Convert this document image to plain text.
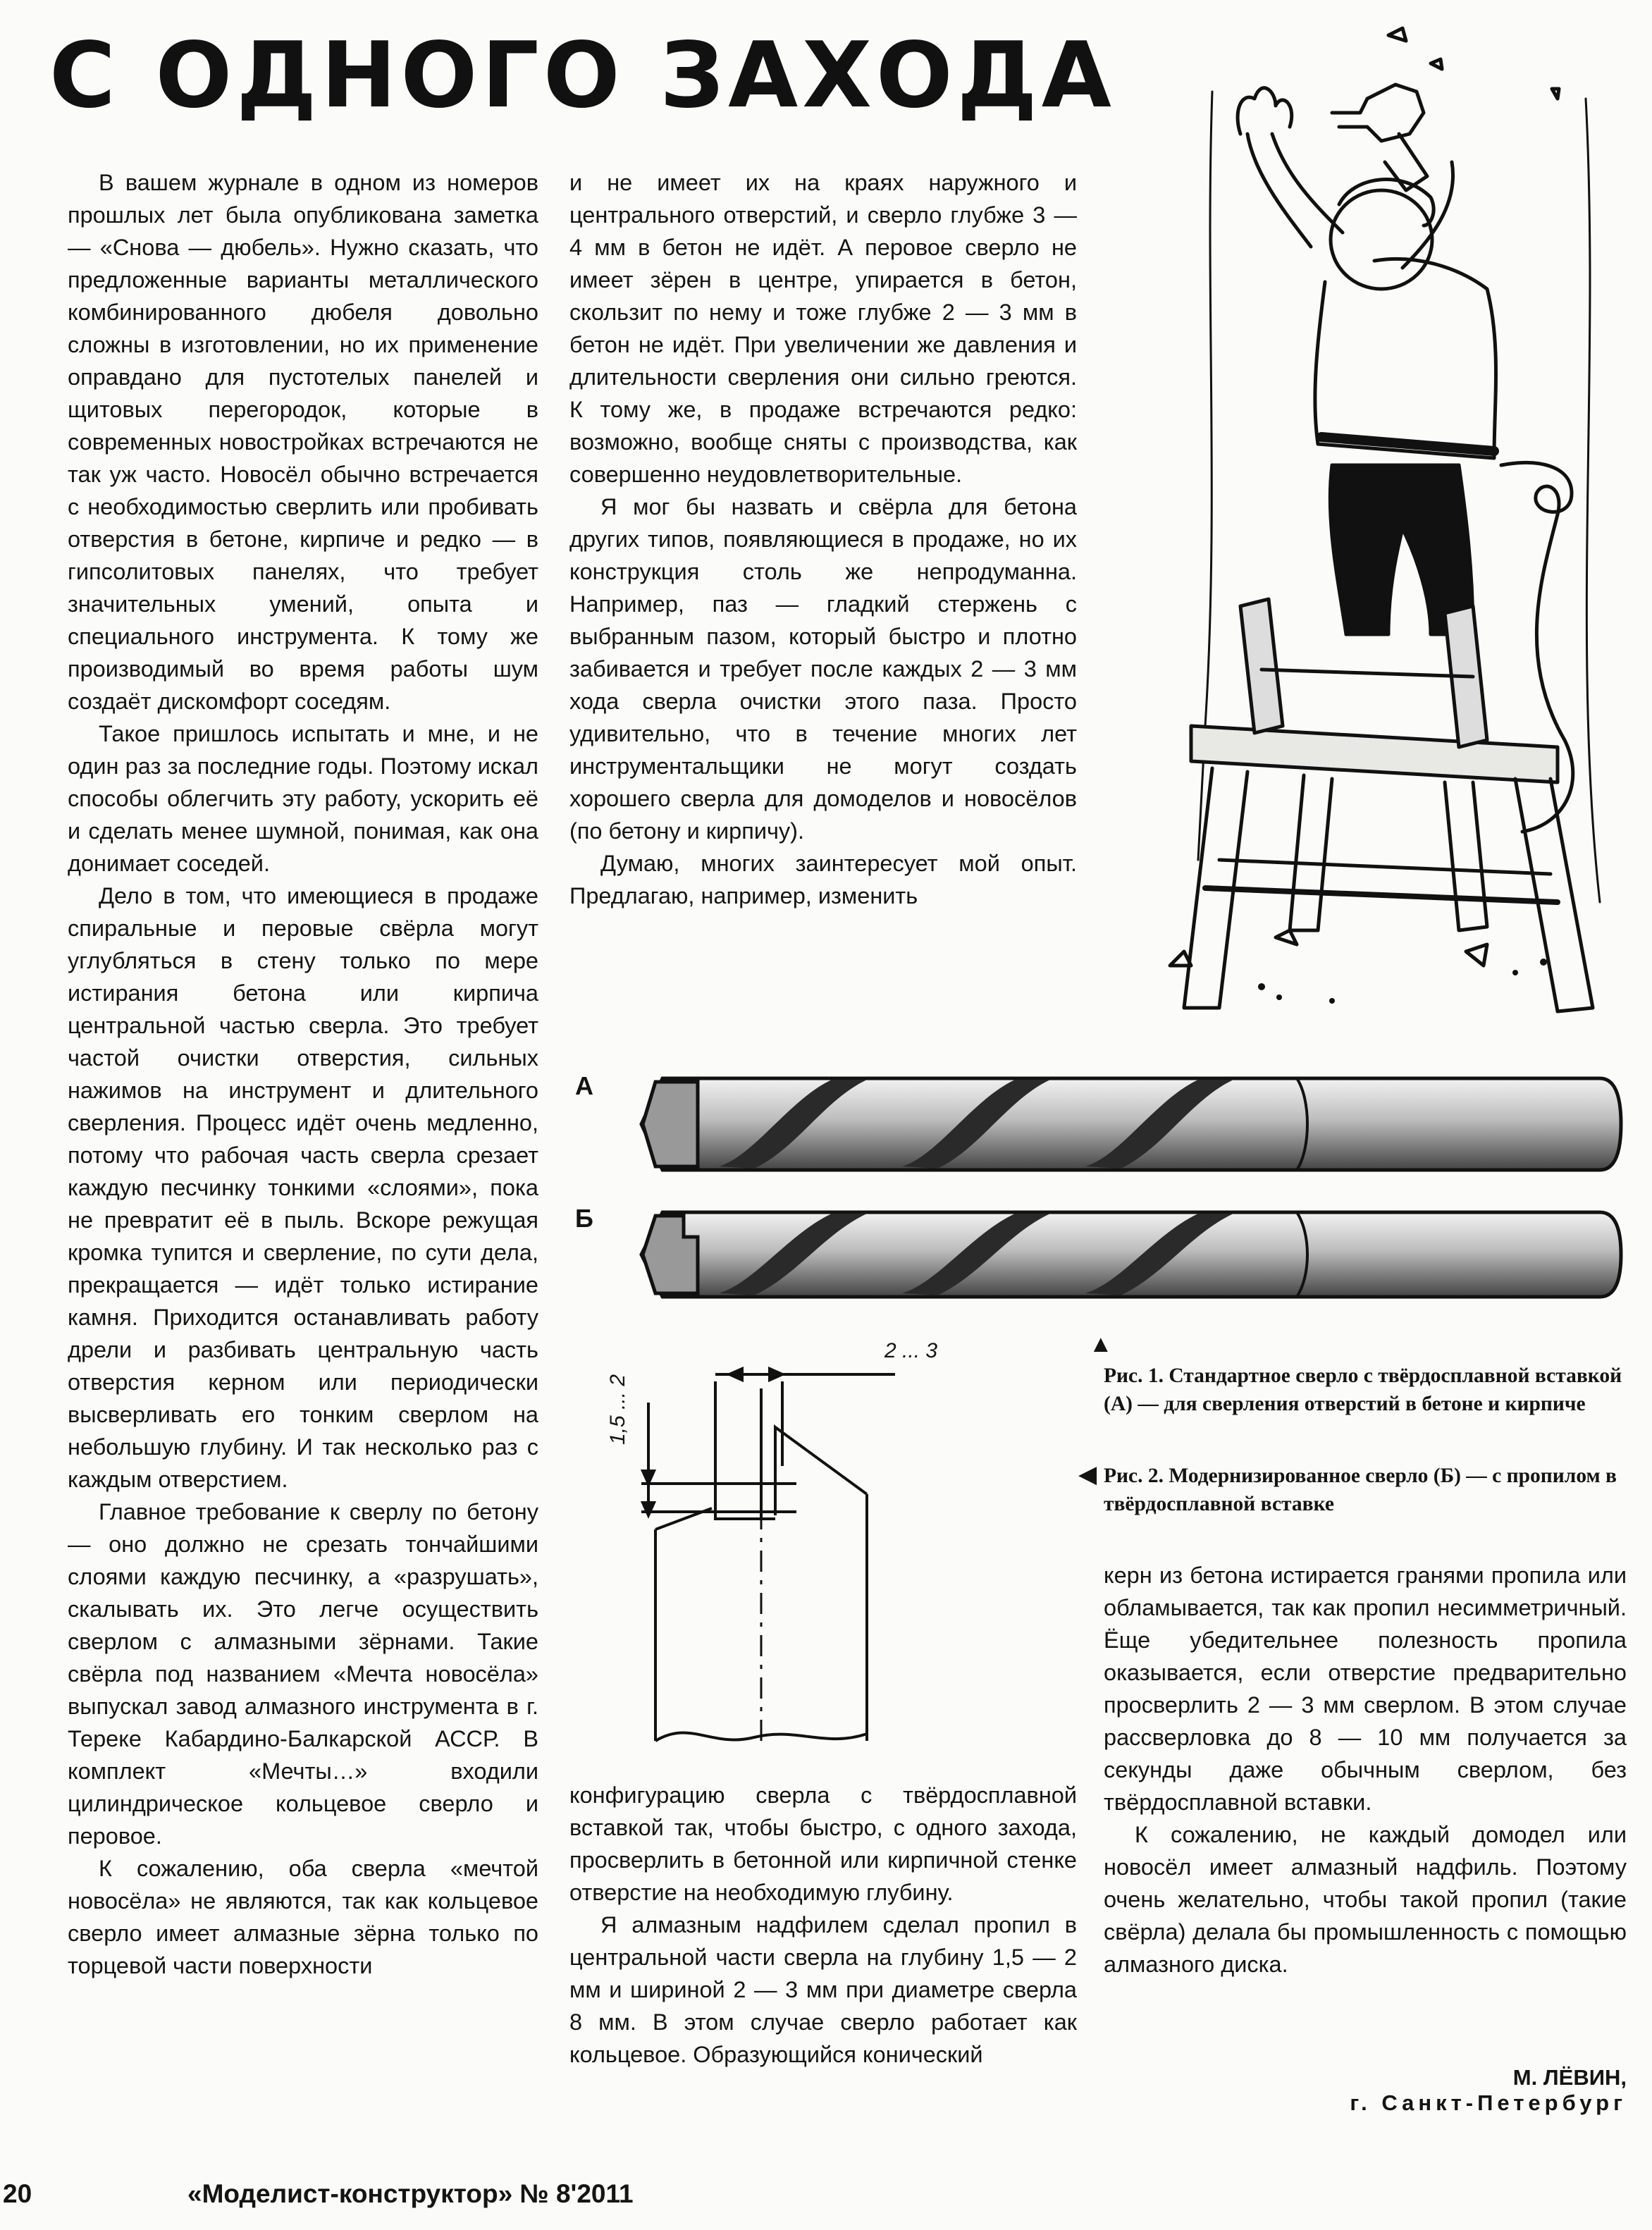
С ОДНОГО ЗАХОДА

В вашем журнале в одном из номеров прошлых лет была опубликована заметка — «Снова — дюбель». Нужно сказать, что предложенные варианты металлического комбинированного дюбеля довольно сложны в изготовлении, но их применение оправдано для пустотелых панелей и щитовых перегородок, которые в современных новостройках встречаются не так уж часто. Новосёл обычно встречается с необходимостью сверлить или пробивать отверстия в бетоне, кирпиче и редко — в гипсолитовых панелях, что требует значительных умений, опыта и специального инструмента. К тому же производимый во время работы шум создаёт дискомфорт соседям.

Такое пришлось испытать и мне, и не один раз за последние годы. Поэтому искал способы облегчить эту работу, ускорить её и сделать менее шумной, понимая, как она донимает соседей.

Дело в том, что имеющиеся в продаже спиральные и перовые свёрла могут углубляться в стену только по мере истирания бетона или кирпича центральной частью сверла. Это требует частой очистки отверстия, сильных нажимов на инструмент и длительного сверления. Процесс идёт очень медленно, потому что рабочая часть сверла срезает каждую песчинку тонкими «слоями», пока не превратит её в пыль. Вскоре режущая кромка тупится и сверление, по сути дела, прекращается — идёт только истирание камня. Приходится останавливать работу дрели и разбивать центральную часть отверстия керном или периодически высверливать его тонким сверлом на небольшую глубину. И так несколько раз с каждым отверстием.

Главное требование к сверлу по бетону — оно должно не срезать тончайшими слоями каждую песчинку, а «разрушать», скалывать их. Это легче осуществить сверлом с алмазными зёрнами. Такие свёрла под названием «Мечта новосёла» выпускал завод алмазного инструмента в г. Тереке Кабардино-Балкарской АССР. В комплект «Мечты…» входили цилиндрическое кольцевое сверло и перовое.

К сожалению, оба сверла «мечтой новосёла» не являются, так как кольцевое сверло имеет алмазные зёрна только по торцевой части поверхности

и не имеет их на краях наружного и центрального отверстий, и сверло глубже 3 — 4 мм в бетон не идёт. А перовое сверло не имеет зёрен в центре, упирается в бетон, скользит по нему и тоже глубже 2 — 3 мм в бетон не идёт. При увеличении же давления и длительности сверления они сильно греются. К тому же, в продаже встречаются редко: возможно, вообще сняты с производства, как совершенно неудовлетворительные.

Я мог бы назвать и свёрла для бетона других типов, появляющиеся в продаже, но их конструкция столь же непродуманна. Например, паз — гладкий стержень с выбранным пазом, который быстро и плотно забивается и требует после каждых 2 — 3 мм хода сверла очистки этого паза. Просто удивительно, что в течение многих лет инструментальщики не могут создать хорошего сверла для домоделов и новосёлов (по бетону и кирпичу).

Думаю, многих заинтересует мой опыт. Предлагаю, например, изменить

А
Б
2 ... 3
1,5 ... 2
▲

Рис. 1. Стандартное сверло с твёрдосплавной вставкой (А) — для сверления отверстий в бетоне и кирпиче

◀ Рис. 2. Модернизированное сверло (Б) — с пропилом в твёрдосплавной вставке

конфигурацию сверла с твёрдосплавной вставкой так, чтобы быстро, с одного захода, просверлить в бетонной или кирпичной стенке отверстие на необходимую глубину.

Я алмазным надфилем сделал пропил в центральной части сверла на глубину 1,5 — 2 мм и шириной 2 — 3 мм при диаметре сверла 8 мм. В этом случае сверло работает как кольцевое. Образующийся конический

керн из бетона истирается гранями пропила или обламывается, так как пропил несимметричный. Ёще убедительнее полезность пропила оказывается, если отверстие предварительно просверлить 2 — 3 мм сверлом. В этом случае рассверловка до 8 — 10 мм получается за секунды даже обычным сверлом, без твёрдосплавной вставки.

К сожалению, не каждый домодел или новосёл имеет алмазный надфиль. Поэтому очень желательно, чтобы такой пропил (такие свёрла) делала бы промышленность с помощью алмазного диска.

М. ЛЁВИН,
г. Санкт-Петербург
20	«Моделист-конструктор» № 8'2011
